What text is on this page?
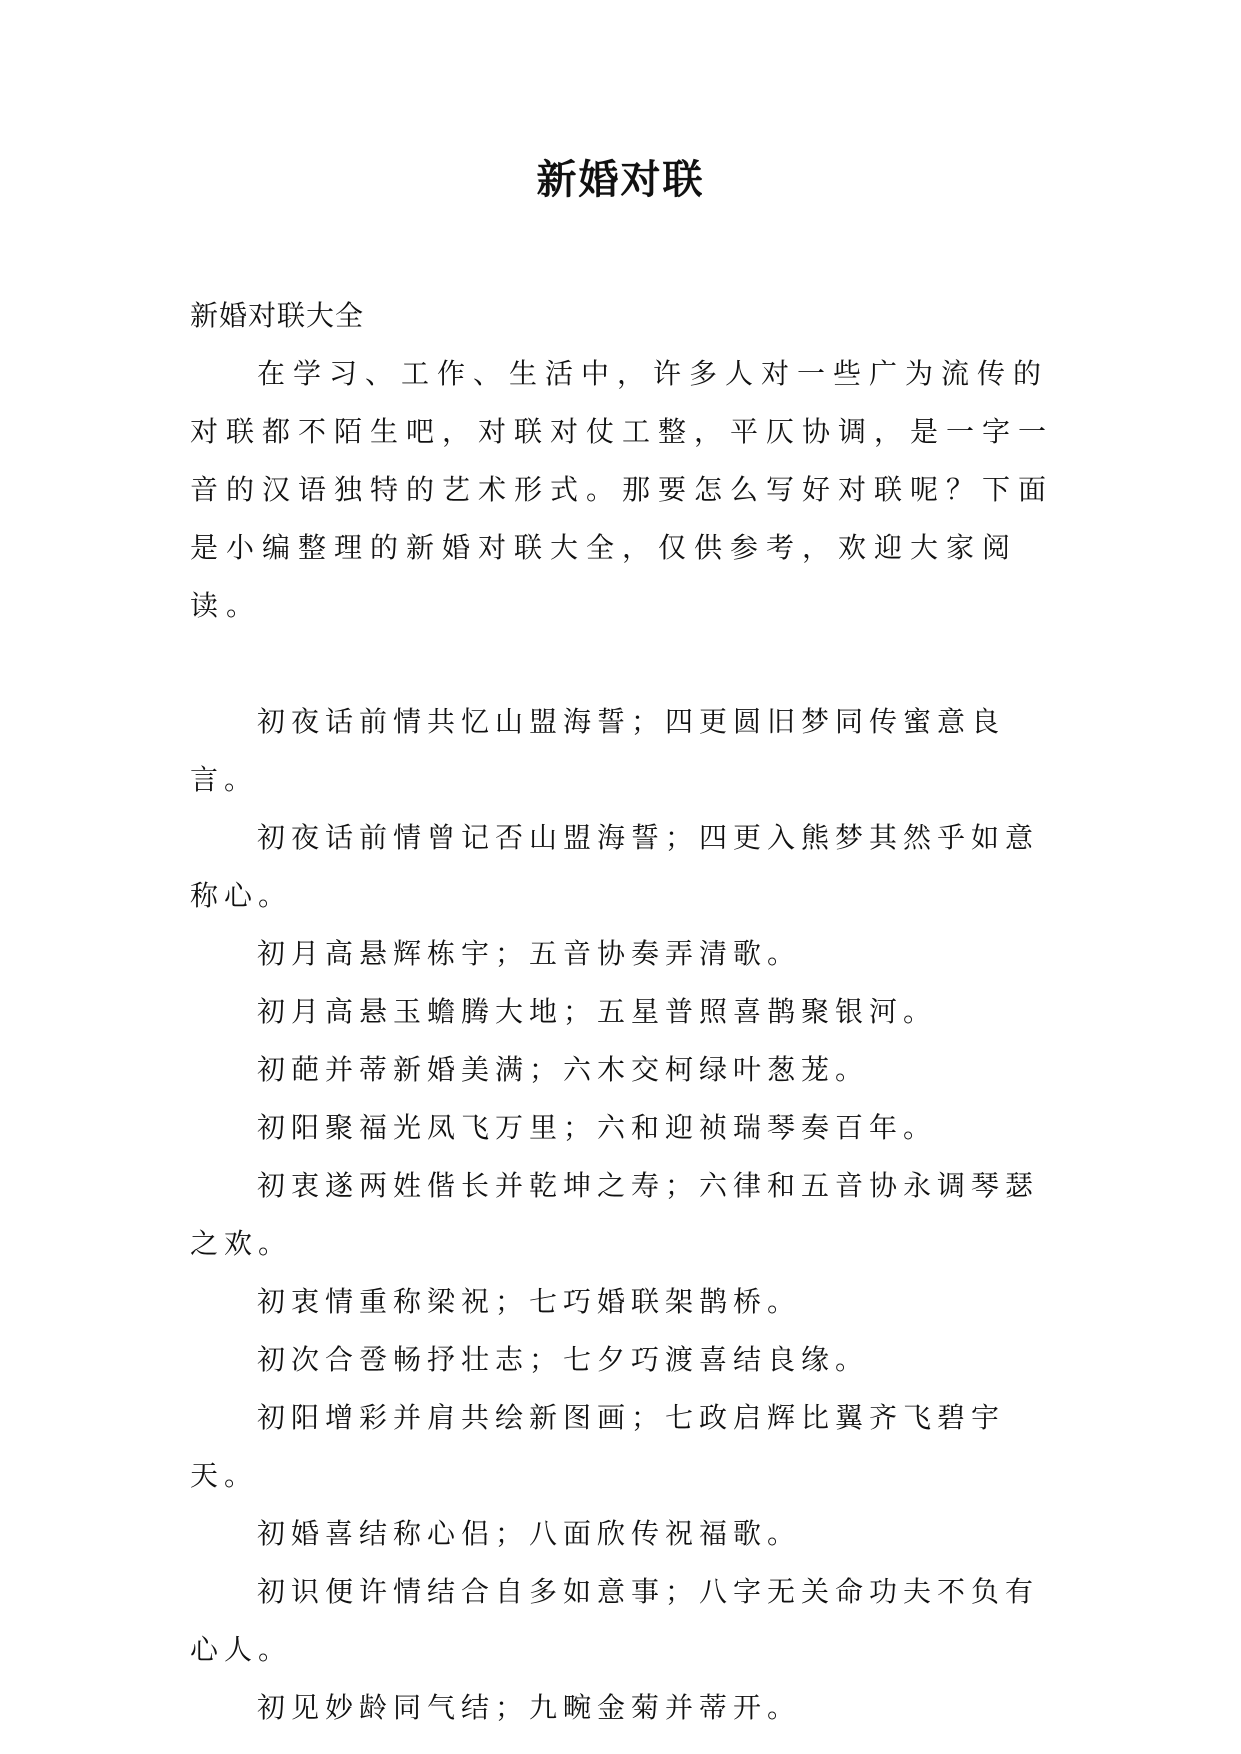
新婚对联

新婚对联大全

在学习、工作、生活中，许多人对一些广为流传的对联都不陌生吧，对联对仗工整，平仄协调，是一字一音的汉语独特的艺术形式。那要怎么写好对联呢？下面是小编整理的新婚对联大全，仅供参考，欢迎大家阅读。

初夜话前情共忆山盟海誓；四更圆旧梦同传蜜意良言。

初夜话前情曾记否山盟海誓；四更入熊梦其然乎如意称心。

初月高悬辉栋宇；五音协奏弄清歌。

初月高悬玉蟾腾大地；五星普照喜鹊聚银河。

初葩并蒂新婚美满；六木交柯绿叶葱茏。

初阳聚福光凤飞万里；六和迎祯瑞琴奏百年。

初衷遂两姓偕长并乾坤之寿；六律和五音协永调琴瑟之欢。

初衷情重称梁祝；七巧婚联架鹊桥。

初次合卺畅抒壮志；七夕巧渡喜结良缘。

初阳增彩并肩共绘新图画；七政启辉比翼齐飞碧宇天。

初婚喜结称心侣；八面欣传祝福歌。

初识便许情结合自多如意事；八字无关命功夫不负有心人。

初见妙龄同气结；九畹金菊并蒂开。
